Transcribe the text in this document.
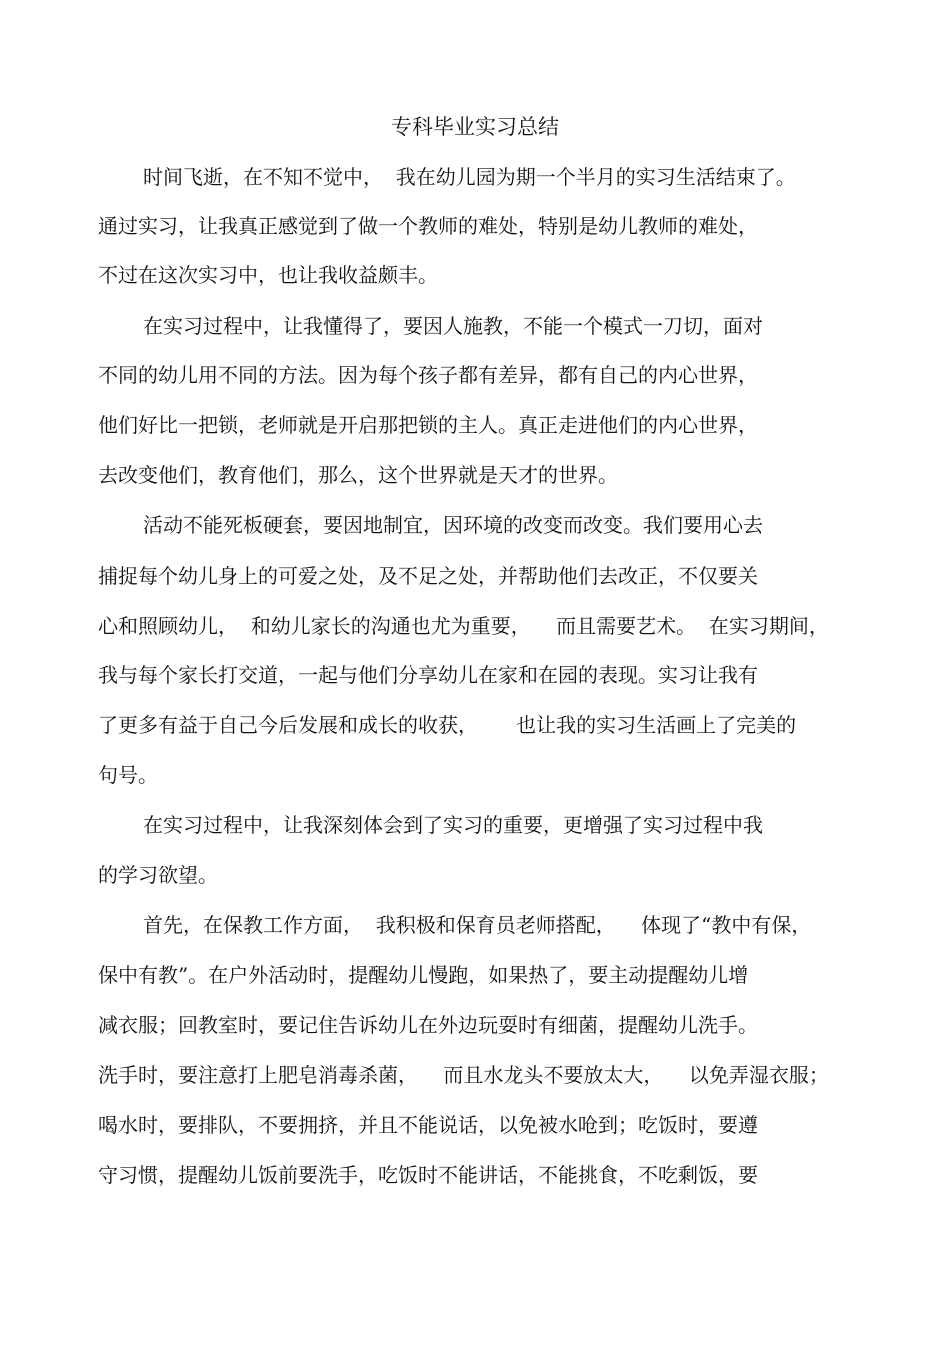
专科毕业实习总结
时间飞逝，在不知不觉中，  我在幼儿园为期一个半月的实习生活结束了。
通过实习，让我真正感觉到了做一个教师的难处，特别是幼儿教师的难处，
不过在这次实习中，也让我收益颇丰。
在实习过程中，让我懂得了，要因人施教，不能一个模式一刀切，面对
不同的幼儿用不同的方法。因为每个孩子都有差异，都有自己的内心世界，
他们好比一把锁，老师就是开启那把锁的主人。真正走进他们的内心世界，
去改变他们，教育他们，那么，这个世界就是天才的世界。
活动不能死板硬套，要因地制宜，因环境的改变而改变。我们要用心去
捕捉每个幼儿身上的可爱之处，及不足之处，并帮助他们去改正，不仅要关
心和照顾幼儿，  和幼儿家长的沟通也尤为重要，    而且需要艺术。  在实习期间，
我与每个家长打交道，一起与他们分享幼儿在家和在园的表现。实习让我有
了更多有益于自己今后发展和成长的收获，      也让我的实习生活画上了完美的
句号。
在实习过程中，让我深刻体会到了实习的重要，更增强了实习过程中我
的学习欲望。
首先，在保教工作方面，  我积极和保育员老师搭配，    体现了“教中有保，
保中有教”。在户外活动时，提醒幼儿慢跑，如果热了，要主动提醒幼儿增
减衣服；回教室时，要记住告诉幼儿在外边玩耍时有细菌，提醒幼儿洗手。
洗手时，要注意打上肥皂消毒杀菌，    而且水龙头不要放太大，    以免弄湿衣服；
喝水时，要排队，不要拥挤，并且不能说话，以免被水呛到；吃饭时，要遵
守习惯，提醒幼儿饭前要洗手，吃饭时不能讲话，不能挑食，不吃剩饭，要
